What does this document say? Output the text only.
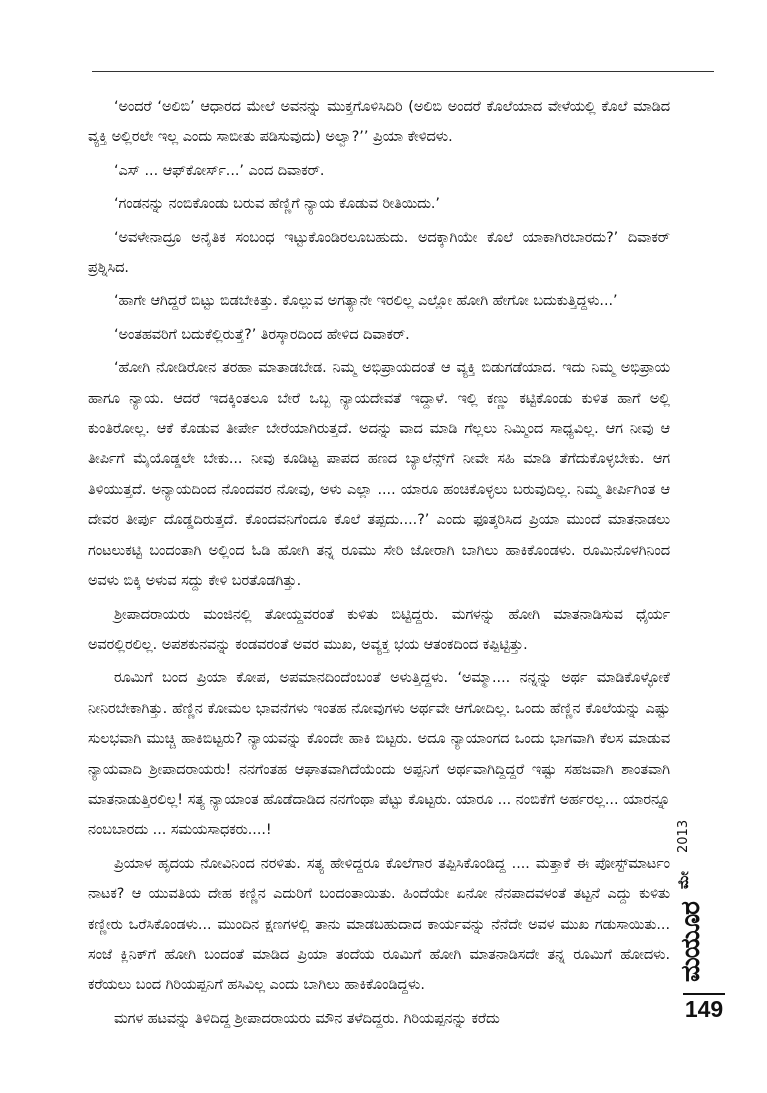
‘ಅಂದರೆ ‘ಅಲಿಬಿ’ ಆಧಾರದ ಮೇಲೆ ಅವನನ್ನು ಮುಕ್ತಗೊಳಿಸಿದಿರಿ (ಅಲಿಬಿ ಅಂದರೆ ಕೊಲೆಯಾದ ವೇಳೆಯಲ್ಲಿ ಕೊಲೆ ಮಾಡಿದ ವ್ಯಕ್ತಿ ಅಲ್ಲಿರಲೇ ಇಲ್ಲ ಎಂದು ಸಾಬೀತು ಪಡಿಸುವುದು) ಅಲ್ವಾ?’’ ಪ್ರಿಯಾ ಕೇಳಿದಳು.

‘ಎಸ್ ... ಆಫ್‌ಕೋರ್ಸ್...’ ಎಂದ ದಿವಾಕರ್.

‘ಗಂಡನನ್ನು ನಂಬಿಕೊಂಡು ಬರುವ ಹೆಣ್ಣಿಗೆ ನ್ಯಾಯ ಕೊಡುವ ರೀತಿಯಿದು.’

‘ಅವಳೇನಾದ್ರೂ ಅನೈತಿಕ ಸಂಬಂಧ ಇಟ್ಟುಕೊಂಡಿರಲೂಬಹುದು. ಅದಕ್ಕಾಗಿಯೇ ಕೊಲೆ ಯಾಕಾಗಿರಬಾರದು?’ ದಿವಾಕರ್ ಪ್ರಶ್ನಿಸಿದ.

‘ಹಾಗೇ ಆಗಿದ್ದರೆ ಬಿಟ್ಟು ಬಿಡಬೇಕಿತ್ತು. ಕೊಲ್ಲುವ ಅಗತ್ಯಾನೇ ಇರಲಿಲ್ಲ ಎಲ್ಲೋ ಹೋಗಿ ಹೇಗೋ ಬದುಕುತ್ತಿದ್ದಳು...’

‘ಅಂತಹವರಿಗೆ ಬದುಕೆಲ್ಲಿರುತ್ತೆ?’ ತಿರಸ್ಕಾರದಿಂದ ಹೇಳಿದ ದಿವಾಕರ್.

‘ಹೋಗಿ ನೋಡಿರೋನ ತರಹಾ ಮಾತಾಡಬೇಡ. ನಿಮ್ಮ ಅಭಿಪ್ರಾಯದಂತೆ ಆ ವ್ಯಕ್ತಿ ಬಿಡುಗಡೆಯಾದ. ಇದು ನಿಮ್ಮ ಅಭಿಪ್ರಾಯ ಹಾಗೂ ನ್ಯಾಯ. ಆದರೆ ಇದಕ್ಕಿಂತಲೂ ಬೇರೆ ಒಬ್ಬ ನ್ಯಾಯದೇವತೆ ಇದ್ದಾಳೆ. ಇಲ್ಲಿ ಕಣ್ಣು ಕಟ್ಟಿಕೊಂಡು ಕುಳಿತ ಹಾಗೆ ಅಲ್ಲಿ ಕುಂತಿರೋಲ್ಲ. ಆಕೆ ಕೊಡುವ ತೀರ್ಪೇ ಬೇರೆಯಾಗಿರುತ್ತದೆ. ಅದನ್ನು ವಾದ ಮಾಡಿ ಗೆಲ್ಲಲು ನಿಮ್ಮಿಂದ ಸಾಧ್ಯವಿಲ್ಲ. ಆಗ ನೀವು ಆ ತೀರ್ಪಿಗೆ ಮೈಯೊಡ್ಡಲೇ ಬೇಕು... ನೀವು ಕೂಡಿಟ್ಟ ಪಾಪದ ಹಣದ ಬ್ಯಾಲೆನ್ಸ್‌ಗೆ ನೀವೇ ಸಹಿ ಮಾಡಿ ತೆಗೆದುಕೊಳ್ಳಬೇಕು. ಆಗ ತಿಳಿಯುತ್ತದೆ. ಅನ್ಯಾಯದಿಂದ ನೊಂದವರ ನೋವು, ಅಳು ಎಲ್ಲಾ .... ಯಾರೂ ಹಂಚಿಕೊಳ್ಳಲು ಬರುವುದಿಲ್ಲ. ನಿಮ್ಮ ತೀರ್ಪಿಗಿಂತ ಆ ದೇವರ ತೀರ್ಪು ದೊಡ್ಡದಿರುತ್ತದೆ. ಕೊಂದವನಿಗೆಂದೂ ಕೊಲೆ ತಪ್ಪದು....?’ ಎಂದು ಫೂತ್ಕರಿಸಿದ ಪ್ರಿಯಾ ಮುಂದೆ ಮಾತನಾಡಲು ಗಂಟಲುಕಟ್ಟಿ ಬಂದಂತಾಗಿ ಅಲ್ಲಿಂದ ಓಡಿ ಹೋಗಿ ತನ್ನ ರೂಮು ಸೇರಿ ಜೋರಾಗಿ ಬಾಗಿಲು ಹಾಕಿಕೊಂಡಳು. ರೂಮಿನೊಳಗಿನಿಂದ ಅವಳು ಬಿಕ್ಕಿ ಅಳುವ ಸದ್ದು ಕೇಳಿ ಬರತೊಡಗಿತ್ತು.

ಶ್ರೀಪಾದರಾಯರು ಮಂಜಿನಲ್ಲಿ ತೋಯ್ದವರಂತೆ ಕುಳಿತು ಬಿಟ್ಟಿದ್ದರು. ಮಗಳನ್ನು ಹೋಗಿ ಮಾತನಾಡಿಸುವ ಧೈರ್ಯ ಅವರಲ್ಲಿರಲಿಲ್ಲ. ಅಪಶಕುನವನ್ನು ಕಂಡವರಂತೆ ಅವರ ಮುಖ, ಅವ್ಯಕ್ತ ಭಯ ಆತಂಕದಿಂದ ಕಪ್ಪಿಟ್ಟಿತ್ತು.

ರೂಮಿಗೆ ಬಂದ ಪ್ರಿಯಾ ಕೋಪ, ಅಪಮಾನದಿಂದೆಂಬಂತೆ ಅಳುತ್ತಿದ್ದಳು. ‘ಅಮ್ಮಾ.... ನನ್ನನ್ನು ಅರ್ಥ ಮಾಡಿಕೊಳ್ಳೋಕೆ ನೀನಿರಬೇಕಾಗಿತ್ತು. ಹೆಣ್ಣಿನ ಕೋಮಲ ಭಾವನೆಗಳು ಇಂತಹ ನೋವುಗಳು ಅರ್ಥವೇ ಆಗೋದಿಲ್ಲ. ಒಂದು ಹೆಣ್ಣಿನ ಕೊಲೆಯನ್ನು ಎಷ್ಟು ಸುಲಭವಾಗಿ ಮುಚ್ಚಿ ಹಾಕಿಬಿಟ್ಟರು? ನ್ಯಾಯವನ್ನು ಕೊಂದೇ ಹಾಕಿ ಬಿಟ್ಟರು. ಅದೂ ನ್ಯಾಯಾಂಗದ ಒಂದು ಭಾಗವಾಗಿ ಕೆಲಸ ಮಾಡುವ ನ್ಯಾಯವಾದಿ ಶ್ರೀಪಾದರಾಯರು! ನನಗೆಂತಹ ಆಘಾತವಾಗಿದೆಯೆಂದು ಅಪ್ಪನಿಗೆ ಅರ್ಥವಾಗಿದ್ದಿದ್ದರೆ ಇಷ್ಟು ಸಹಜವಾಗಿ ಶಾಂತವಾಗಿ ಮಾತನಾಡುತ್ತಿರಲಿಲ್ಲ! ಸತ್ಯ ನ್ಯಾಯಾಂತ ಹೊಡೆದಾಡಿದ ನನಗೆಂಥಾ ಪೆಟ್ಟು ಕೊಟ್ಟರು. ಯಾರೂ ... ನಂಬಿಕೆಗೆ ಅರ್ಹರಲ್ಲ... ಯಾರನ್ನೂ ನಂಬಬಾರದು ... ಸಮಯಸಾಧಕರು....!

ಪ್ರಿಯಾಳ ಹೃದಯ ನೋವಿನಿಂದ ನರಳಿತು. ಸತ್ಯ ಹೇಳಿದ್ದರೂ ಕೊಲೆಗಾರ ತಪ್ಪಿಸಿಕೊಂಡಿದ್ದ .... ಮತ್ತಾಕೆ ಈ ಪೋಸ್ಟ್‌ಮಾರ್ಟಂ ನಾಟಕ? ಆ ಯುವತಿಯ ದೇಹ ಕಣ್ಣಿನ ಎದುರಿಗೆ ಬಂದಂತಾಯಿತು. ಹಿಂದೆಯೇ ಏನೋ ನೆನಪಾದವಳಂತೆ ತಟ್ಟನೆ ಎದ್ದು ಕುಳಿತು ಕಣ್ಣೀರು ಒರೆಸಿಕೊಂಡಳು... ಮುಂದಿನ ಕ್ಷಣಗಳಲ್ಲಿ ತಾನು ಮಾಡಬಹುದಾದ ಕಾರ್ಯವನ್ನು ನೆನೆದೇ ಅವಳ ಮುಖ ಗಡುಸಾಯಿತು... ಸಂಜೆ ಕ್ಲಿನಿಕ್‌ಗೆ ಹೋಗಿ ಬಂದಂತೆ ಮಾಡಿದ ಪ್ರಿಯಾ ತಂದೆಯ ರೂಮಿಗೆ ಹೋಗಿ ಮಾತನಾಡಿಸದೇ ತನ್ನ ರೂಮಿಗೆ ಹೋದಳು. ಕರೆಯಲು ಬಂದ ಗಿರಿಯಪ್ಪನಿಗೆ ಹಸಿವಿಲ್ಲ ಎಂದು ಬಾಗಿಲು ಹಾಕಿಕೊಂಡಿದ್ದಳು.

ಮಗಳ ಹಟವನ್ನು ತಿಳಿದಿದ್ದ ಶ್ರೀಪಾದರಾಯರು ಮೌನ ತಳೆದಿದ್ದರು. ಗಿರಿಯಪ್ಪನನ್ನು ಕರೆದು

2013
ಮೇ
ಮಯೂರ
149
